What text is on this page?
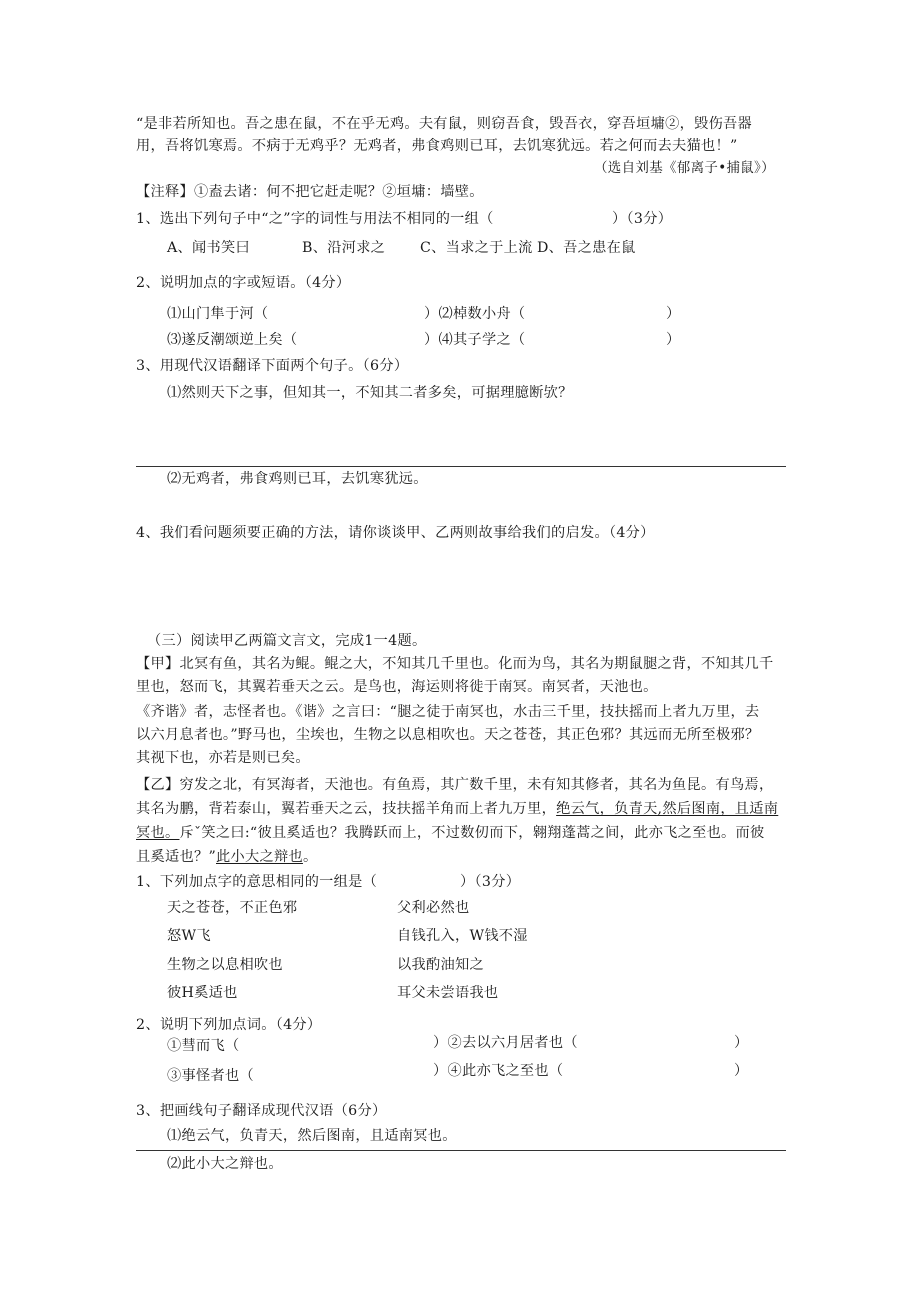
“是非若所知也。吾之患在鼠，不在乎无鸡。夫有鼠，则窃吾食，毁吾衣，穿吾垣墉②，毁伤吾器
用，吾将饥寒焉。不病于无鸡乎？无鸡者，弗食鸡则已耳，去饥寒犹远。若之何而去夫猫也！”
（选自刘基《郁离子•捕鼠》）
【注释】①盍去诸：何不把它赶走呢？②垣墉：墙壁。
1、选出下列句子中“之”字的词性与用法不相同的一组（	）（3分）
A、闻书笑曰	B、沿河求之 C、当求之于上流 D、吾之患在鼠
2、说明加点的字或短语。（4分）
⑴山门隼于河（	）⑵棹数小舟（	）
⑶遂反潮颂逆上矣（	）⑷其子学之（	）
3、用现代汉语翻译下面两个句子。（6分）
⑴然则天下之事，但知其一，不知其二者多矣，可据理臆断欤？
⑵无鸡者，弗食鸡则已耳，去饥寒犹远。
4、我们看问题须要正确的方法，请你谈谈甲、乙两则故事给我们的启发。（4分）
（三）阅读甲乙两篇文言文，完成1一4题。
【甲】北冥有鱼，其名为鲲。鲲之大，不知其几千里也。化而为鸟，其名为期鼠腿之背，不知其几千
里也，怒而飞，其翼若垂天之云。是鸟也，海运则将徙于南冥。南冥者，天池也。
《齐谐》者，志怪者也。《谐》之言曰：“腿之徒于南冥也，水击三千里，技扶摇而上者九万里，去
以六月息者也。”野马也，尘埃也，生物之以息相吹也。天之苍苍，其正色邪？其远而无所至极邪？
其视下也，亦若是则已矣。
【乙】穷发之北，有冥海者，天池也。有鱼焉，其广数千里，未有知其修者，其名为鱼昆。有鸟焉，
其名为鹏，背若泰山，翼若垂天之云，技扶摇羊角而上者九万里，绝云气，负青天,然后图南，且适南
冥也。斥ˇ笑之曰:“彼且奚适也？我腾跃而上，不过数仞而下，翱翔蓬蒿之间，此亦飞之至也。而彼
且奚适也？”此小大之辩也。
1、下列加点字的意思相同的一组是（	）（3分）
天之苍苍，不正色邪	父利必然也
怒W飞	自钱孔入，W钱不湿
生物之以息相吹也	以我酌油知之
彼H奚适也	耳父未尝语我也
2、说明下列加点词。（4分）
①彗而飞（	）②去以六月居者也（	）
③事怪者也（	）④此亦飞之至也（	）
3、把画线句子翻译成现代汉语（6分）
⑴绝云气，负青天，然后图南，且适南冥也。
⑵此小大之辩也。
